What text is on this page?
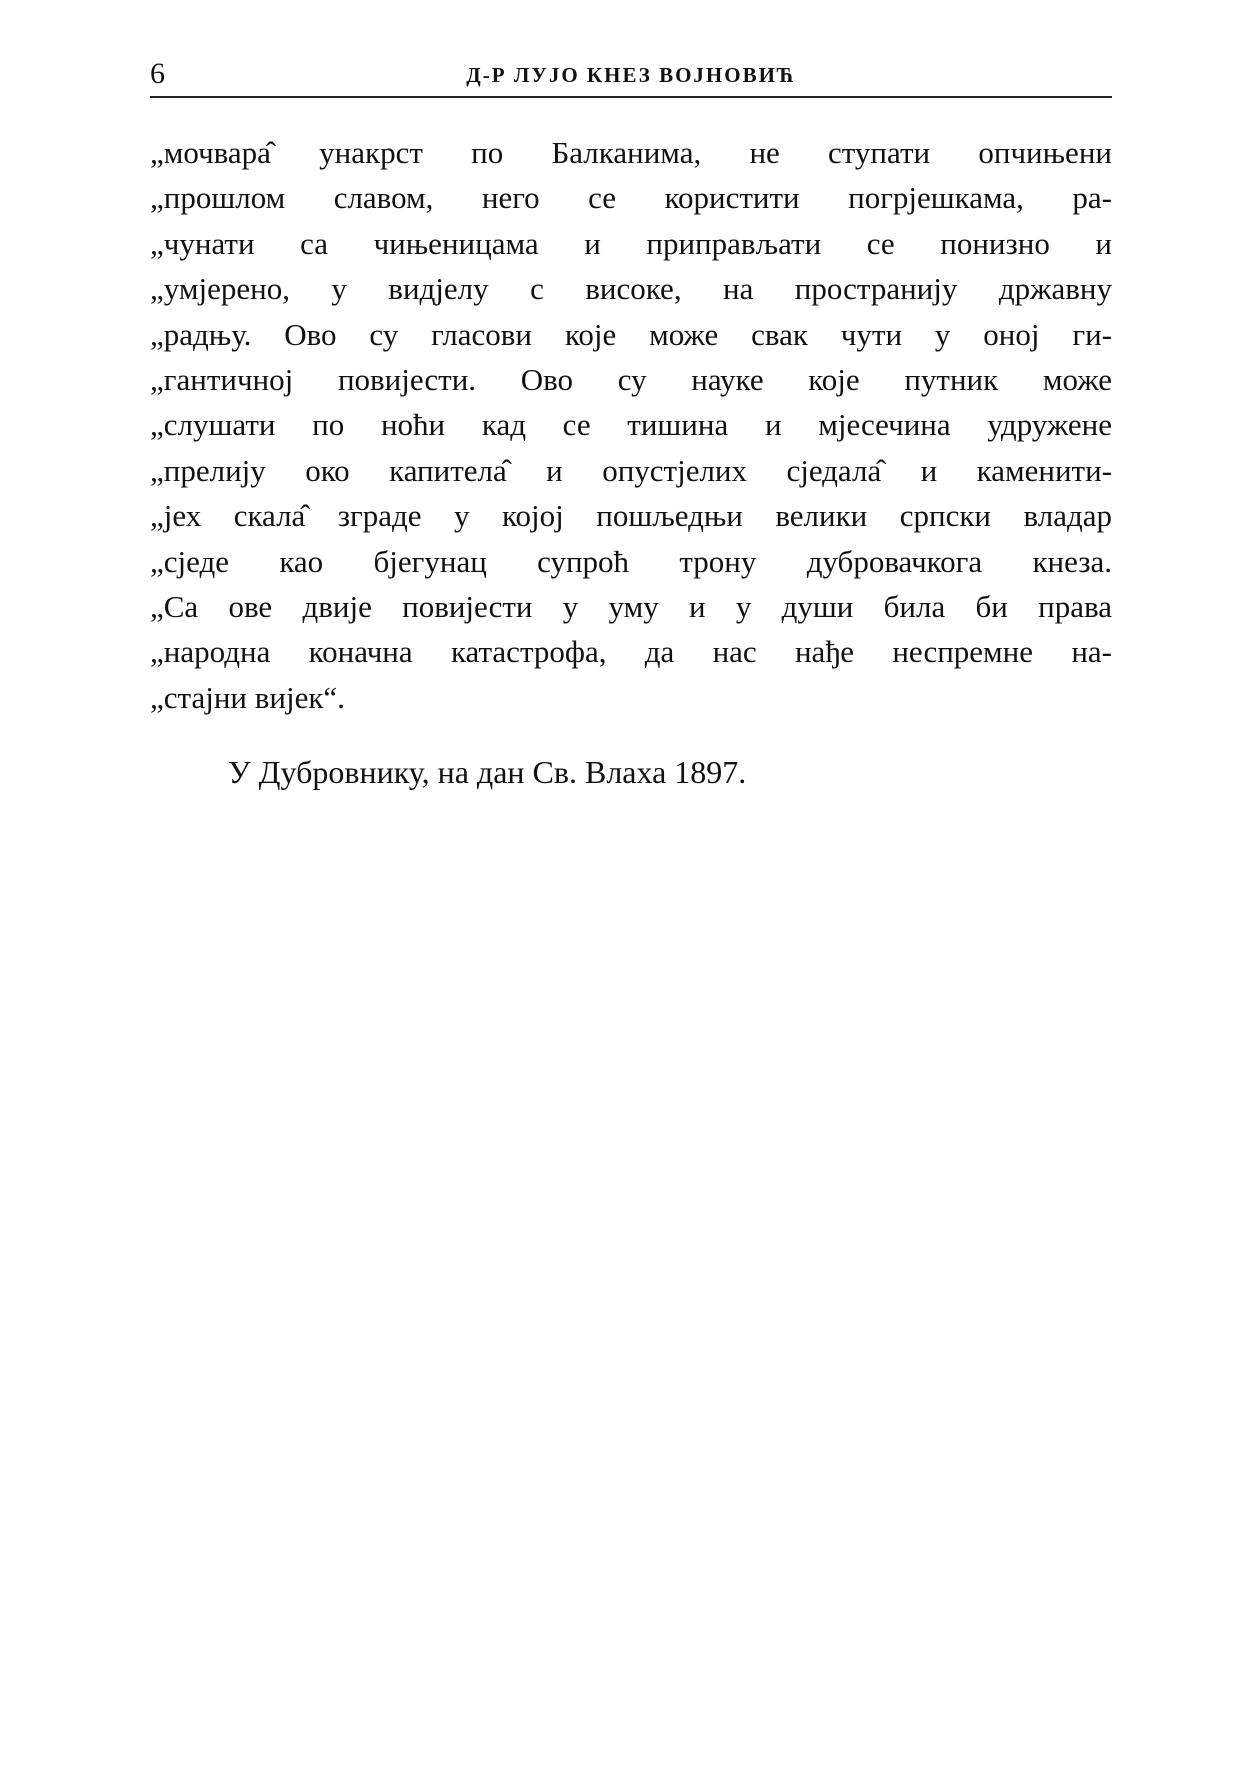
6	Д-Р ЛУЈО КНЕЗ ВОЈНОВИЋ
„мочвара̂ унакрст по Балканима, не ступати опчињени
„прошлом славом, него се користити погрјешкама, ра-
„чунати са чињеницама и приправљати се понизно и
„умјерено, у видјелу с високе, на пространију државну
„радњу. Ово су гласови које може свак чути у оној ги-
„гантичној повијести. Ово су науке које путник може
„слушати по ноћи кад се тишина и мјесечина удружене
„прелију око капитела̂ и опустјелих сједала̂ и каменити-
„јех скала̂ зграде у којој пошљедњи велики српски владар
„сједе као бјегунац супроћ трону дубровачкога кнеза.
„Са ове двије повијести у уму и у души била би права
„народна коначна катастрофа, да нас нађе неспремне на-
„стајни вијек“.
У Дубровнику, на дан Св. Влаха 1897.
